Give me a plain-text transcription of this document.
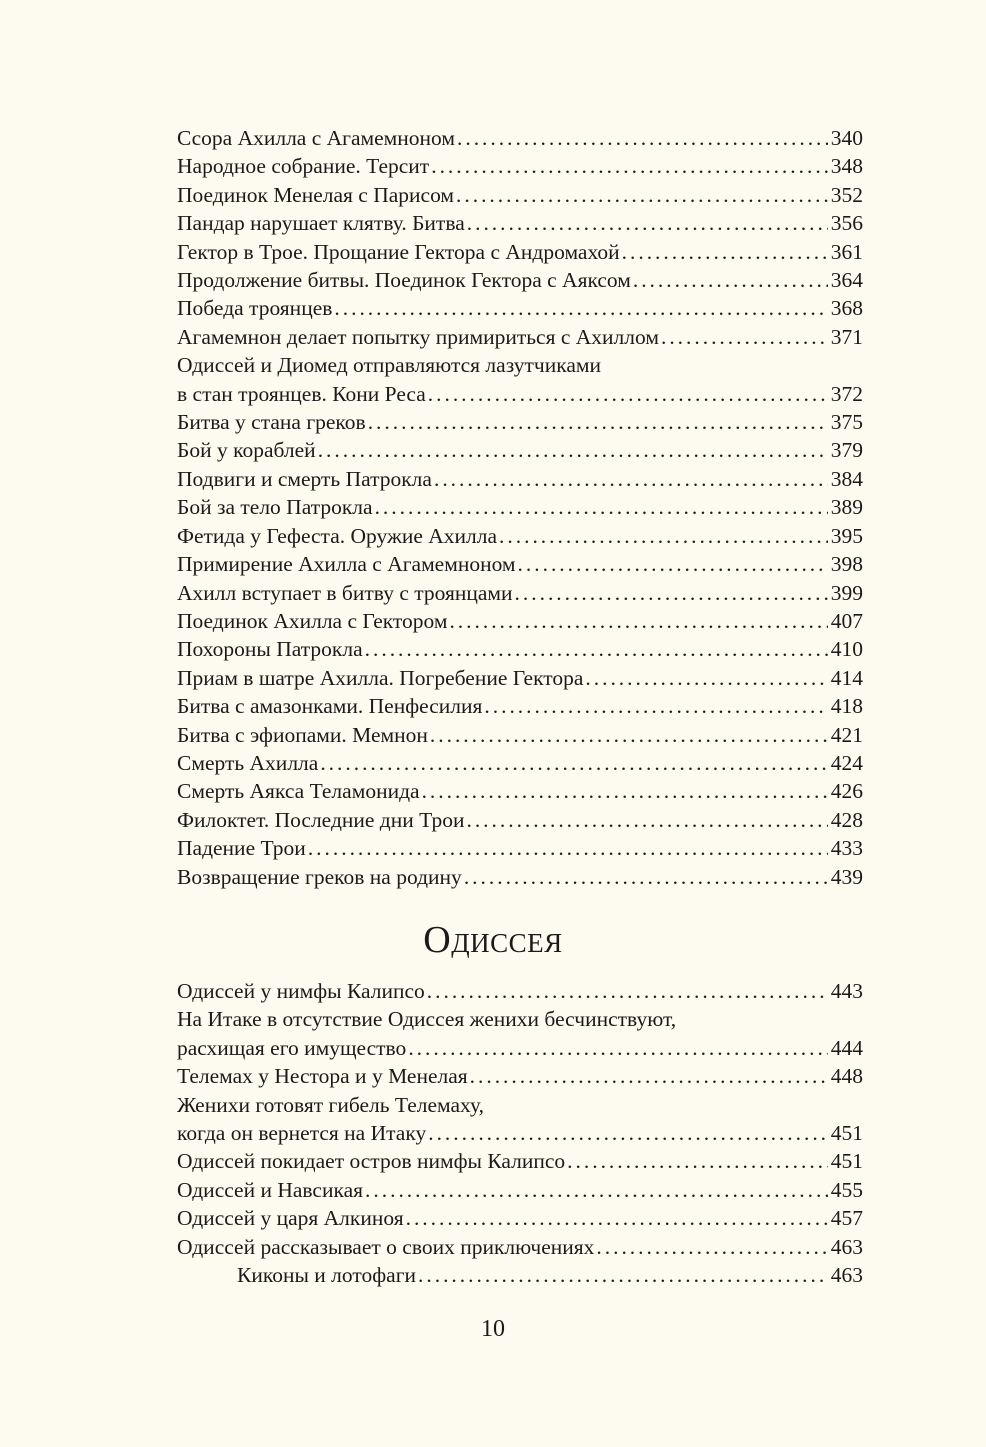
Ссора Ахилла с Агамемноном . . .	340
Народное собрание. Терсит . . .	348
Поединок Менелая с Парисом . . .	352
Пандар нарушает клятву. Битва . . .	356
Гектор в Трое. Прощание Гектора с Андромахой . . .	361
Продолжение битвы. Поединок Гектора с Аяксом . . .	364
Победа троянцев . . .	368
Агамемнон делает попытку примириться с Ахиллом . . .	371
Одиссей и Диомед отправляются лазутчиками
в стан троянцев. Кони Реса . . .	372
Битва у стана греков . . .	375
Бой у кораблей . . .	379
Подвиги и смерть Патрокла . . .	384
Бой за тело Патрокла . . .	389
Фетида у Гефеста. Оружие Ахилла . . .	395
Примирение Ахилла с Агамемноном . . .	398
Ахилл вступает в битву с троянцами . . .	399
Поединок Ахилла с Гектором . . .	407
Похороны Патрокла . . .	410
Приам в шатре Ахилла. Погребение Гектора . . .	414
Битва с амазонками. Пенфесилия . . .	418
Битва с эфиопами. Мемнон . . .	421
Смерть Ахилла . . .	424
Смерть Аякса Теламонида . . .	426
Филоктет. Последние дни Трои . . .	428
Падение Трои . . .	433
Возвращение греков на родину . . .	439
Одиссея
Одиссей у нимфы Калипсо . . .	443
На Итаке в отсутствие Одиссея женихи бесчинствуют,
расхищая его имущество . . .	444
Телемах у Нестора и у Менелая . . .	448
Женихи готовят гибель Телемаху,
когда он вернется на Итаку . . .	451
Одиссей покидает остров нимфы Калипсо . . .	451
Одиссей и Навсикая . . .	455
Одиссей у царя Алкиноя . . .	457
Одиссей рассказывает о своих приключениях . . .	463
Киконы и лотофаги . . .	463
10
